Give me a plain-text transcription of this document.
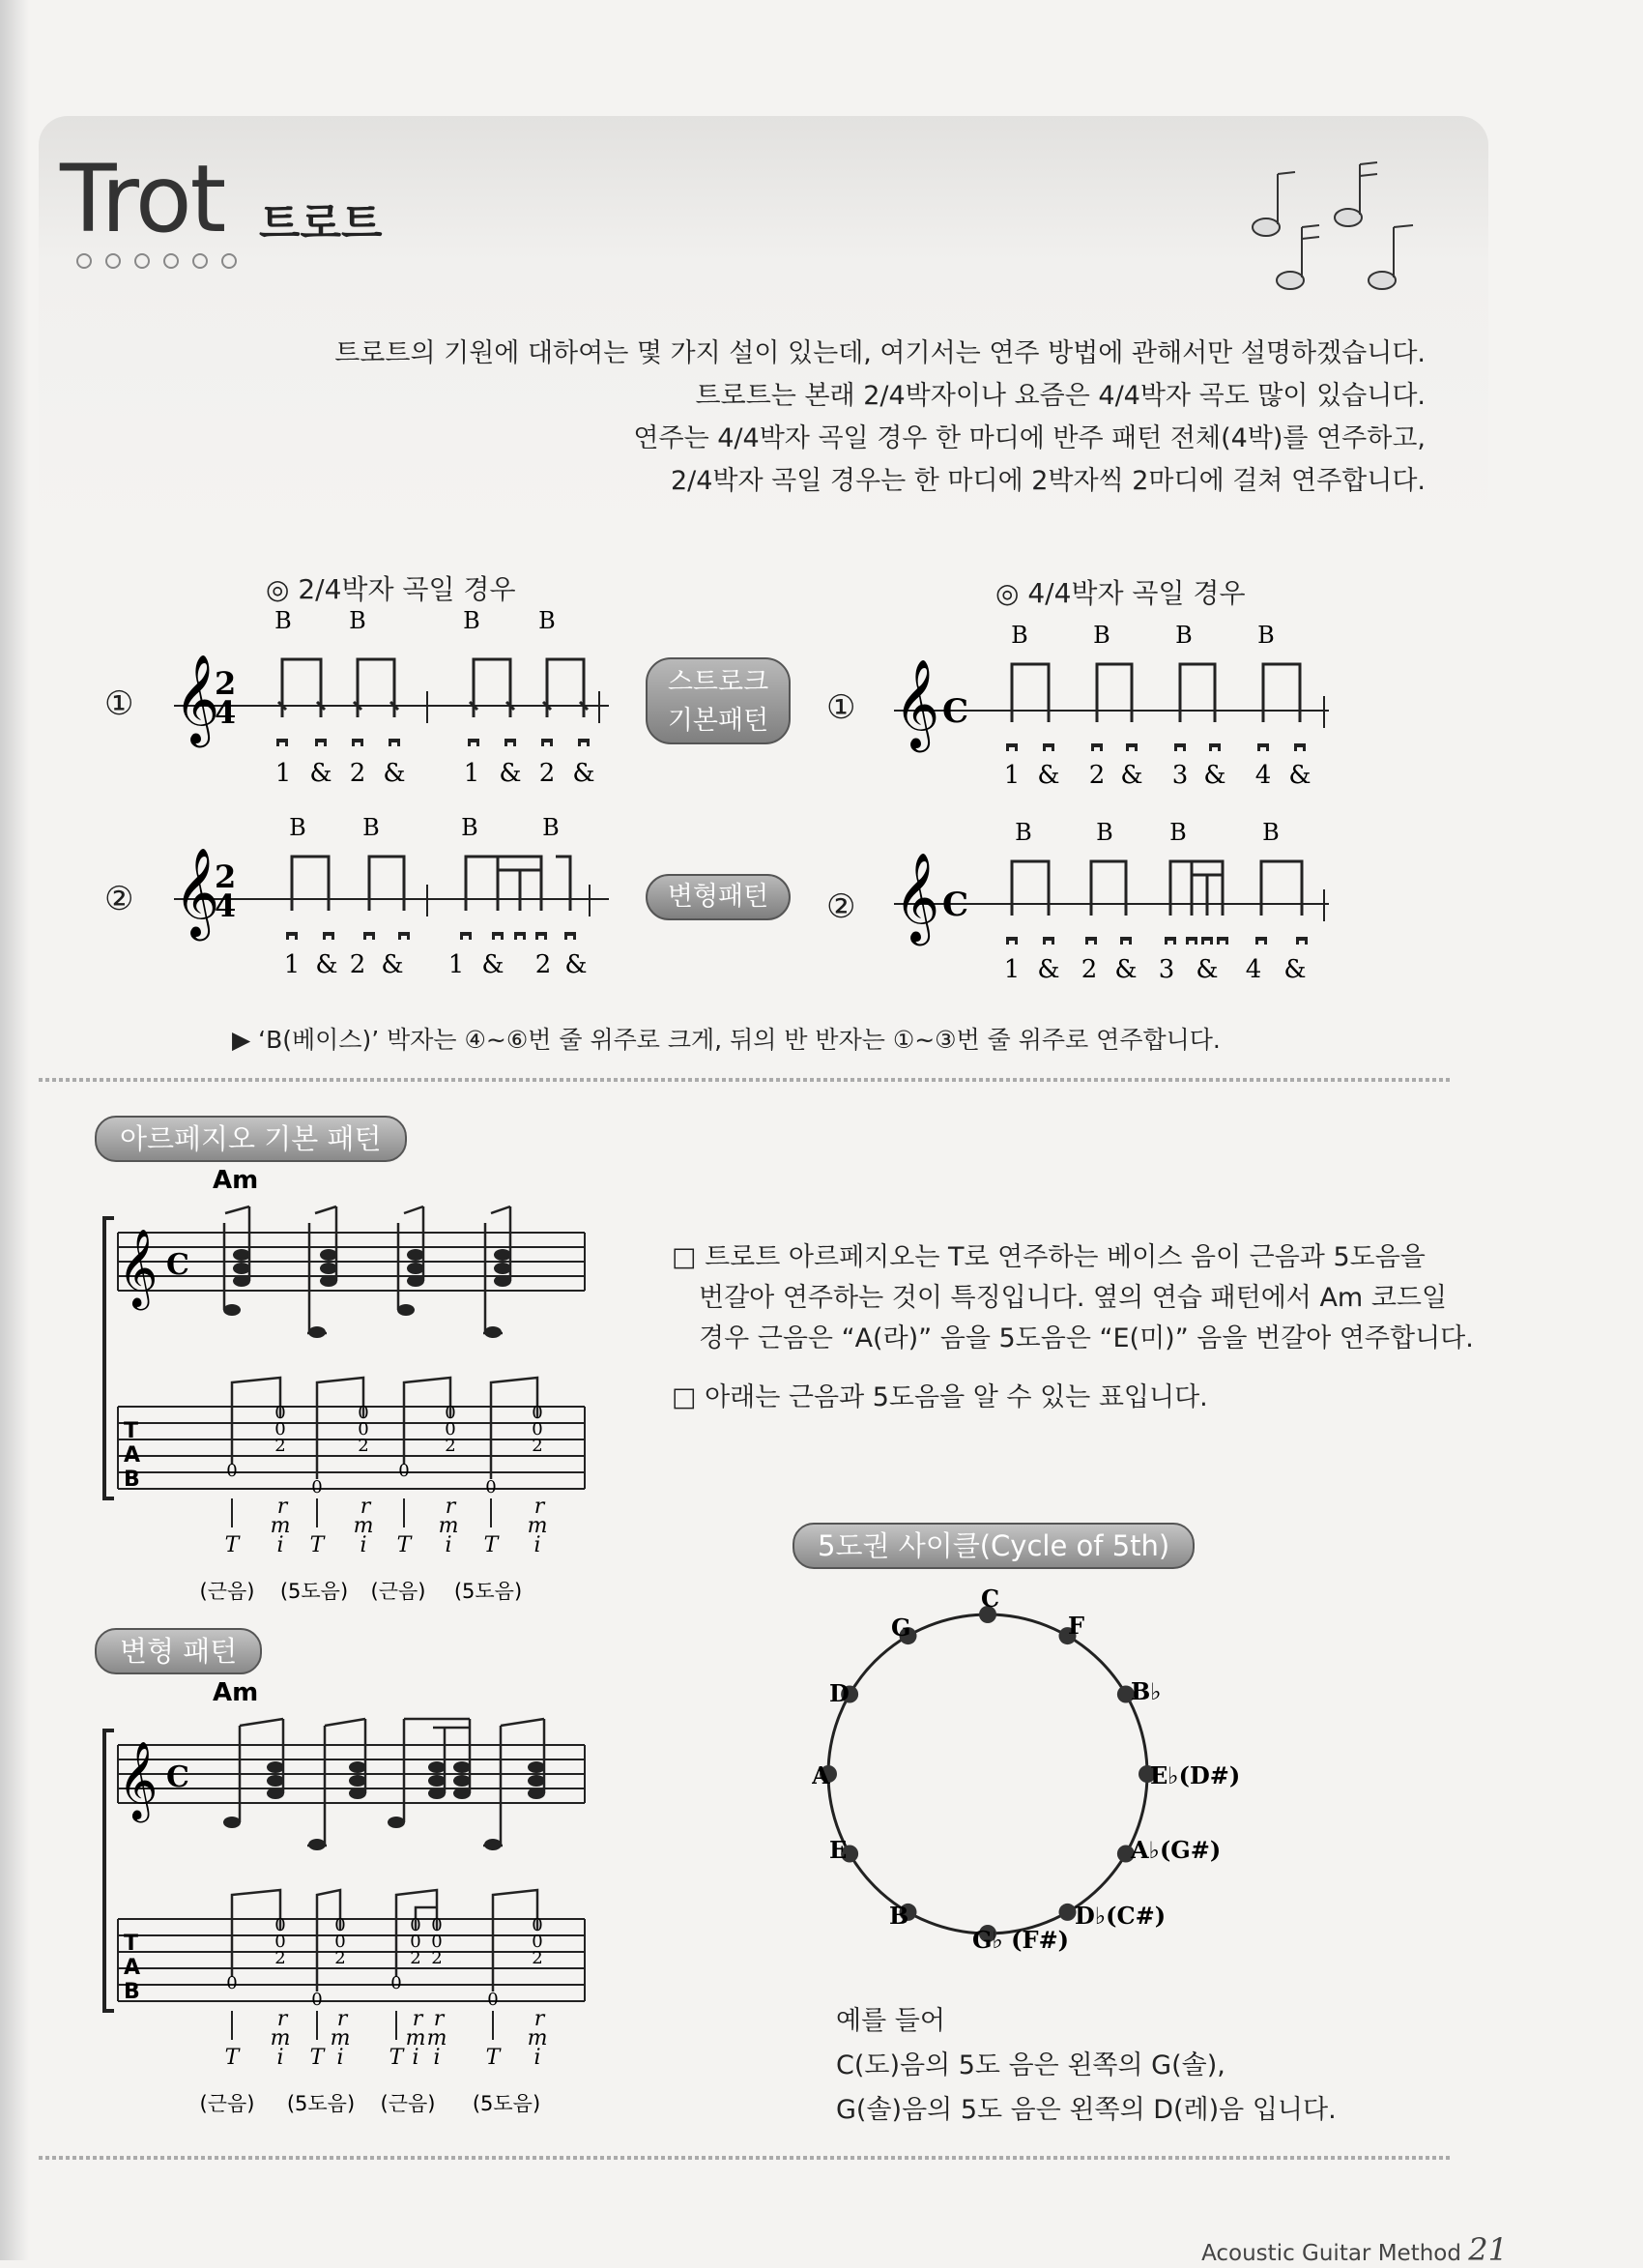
Trot 트로트

트로트의 기원에 대하여는 몇 가지 설이 있는데, 여기서는 연주 방법에 관해서만 설명하겠습니다.

트로트는 본래 2/4박자이나 요즘은 4/4박자 곡도 많이 있습니다.

연주는 4/4박자 곡일 경우 한 마디에 반주 패턴 전체(4박)를 연주하고,

2/4박자 곡일 경우는 한 마디에 2박자씩 2마디에 걸쳐 연주합니다.

◎ 2/4박자 곡일 경우	◎ 4/4박자 곡일 경우
①
②
①
②
스트로크
기본패턴
변형패턴
𝄞
2
4
B B	B	B
1 & 2 & 1 & 2 &
𝄞 C
B	B	B	B
1 & 2 & 3 & 4 &
𝄞
2
4
B B	B	B
1 & 2 & 1 & 2 &
𝄞 C
B	B B	B
1 & 2 & 3 & 4 &
▶ ‘B(베이스)’ 박자는 ④~⑥번 줄 위주로 크게, 뒤의 반 반자는 ①~③번 줄 위주로 연주합니다.
아르페지오 기본 패턴
Am
𝄞 C
T
A
B
0
0
2
0
0
2
0
0
2
0
0
2
0
0
0
0
r
m
i
r
m
i
r
m
i
r
m
i
T	T	T	T
(근음) (5도음) (근음) (5도음)
변형 패턴
Am
𝄞 C
T
A
B
0
0
2
0
0
2
0
0
2
0
0
2
0
0
2
0
0
0
0
r
m
i
r
m
i
r
m
i
r
m
i
r
m
i
T	T	T	T
(근음) (5도음) (근음) (5도음)

□ 트로트 아르페지오는 T로 연주하는 베이스 음이 근음과 5도음을

번갈아 연주하는 것이 특징입니다. 옆의 연습 패턴에서 Am 코드일

경우 근음은 “A(라)” 음을 5도음은 “E(미)” 음을 번갈아 연주합니다.

□ 아래는 근음과 5도음을 알 수 있는 표입니다.

5도권 사이클(Cycle of 5th)
C
F
B♭
E♭(D#)
A♭(G#)
D♭(C#)
G♭ (F#)
B
E
A
D
G

예를 들어

C(도)음의 5도 음은 왼쪽의 G(솔),

G(솔)음의 5도 음은 왼쪽의 D(레)음 입니다.

Acoustic Guitar Method 21
